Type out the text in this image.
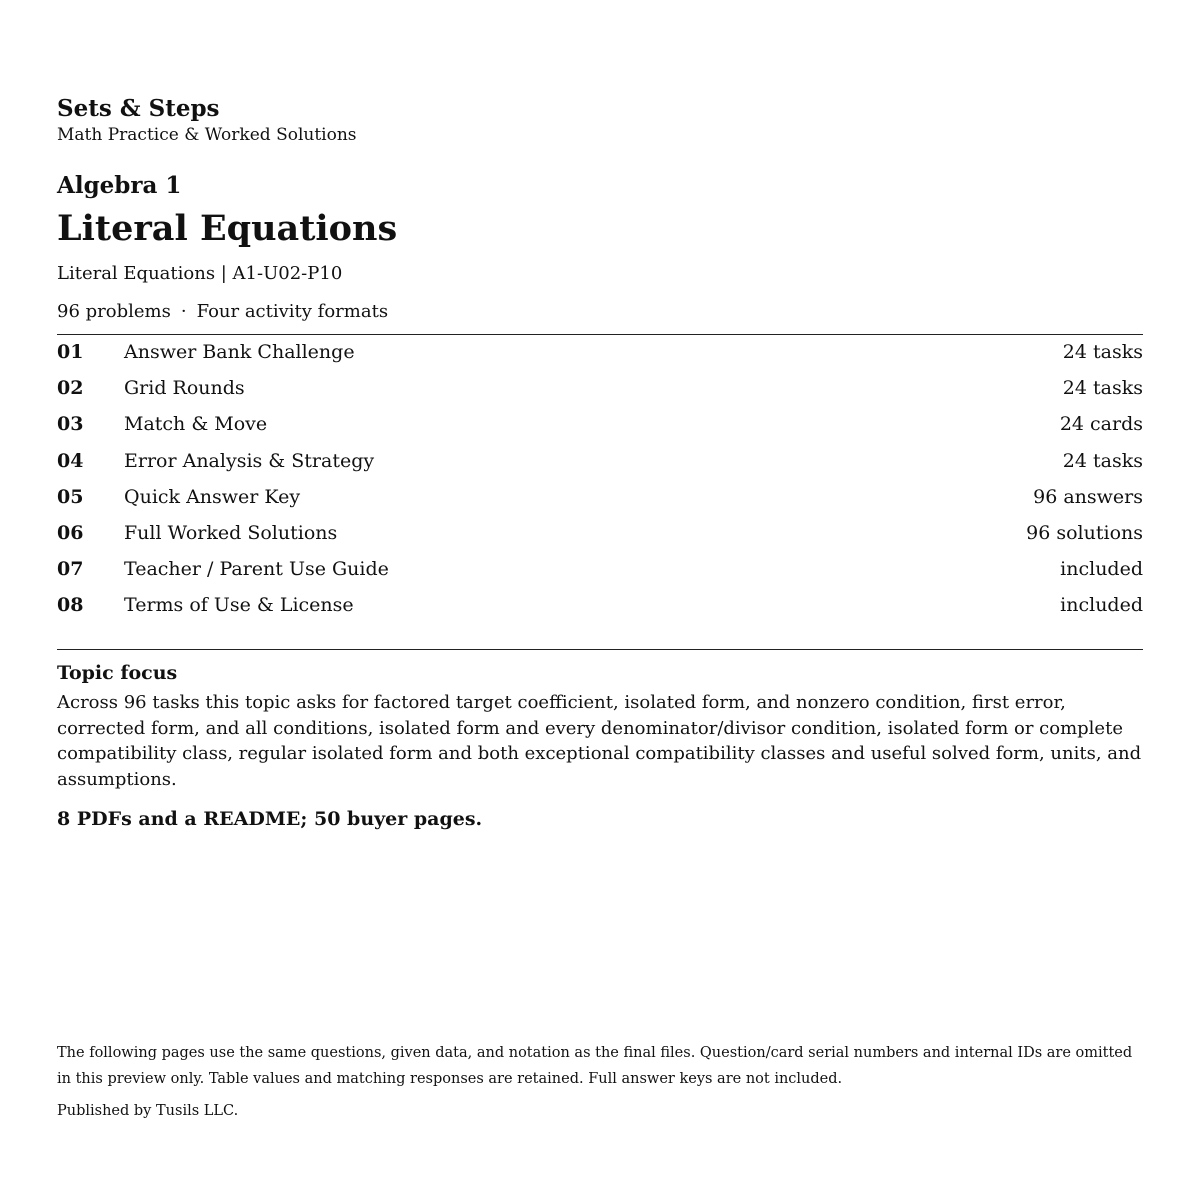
Sets & Steps
Math Practice & Worked Solutions
Algebra 1
Literal Equations
Literal Equations | A1-U02-P10
96 problems · Four activity formats
01	Answer Bank Challenge	24 tasks
02	Grid Rounds	24 tasks
03	Match & Move	24 cards
04	Error Analysis & Strategy	24 tasks
05	Quick Answer Key	96 answers
06	Full Worked Solutions	96 solutions
07	Teacher / Parent Use Guide	included
08	Terms of Use & License	included
Topic focus
Across 96 tasks this topic asks for factored target coefficient, isolated form, and nonzero condition, first error, corrected form, and all conditions, isolated form and every denominator/divisor condition, isolated form or complete compatibility class, regular isolated form and both exceptional compatibility classes and useful solved form, units, and assumptions.
8 PDFs and a README; 50 buyer pages.
The following pages use the same questions, given data, and notation as the final files. Question/card serial numbers and internal IDs are omitted in this preview only. Table values and matching responses are retained. Full answer keys are not included.
Published by Tusils LLC.
